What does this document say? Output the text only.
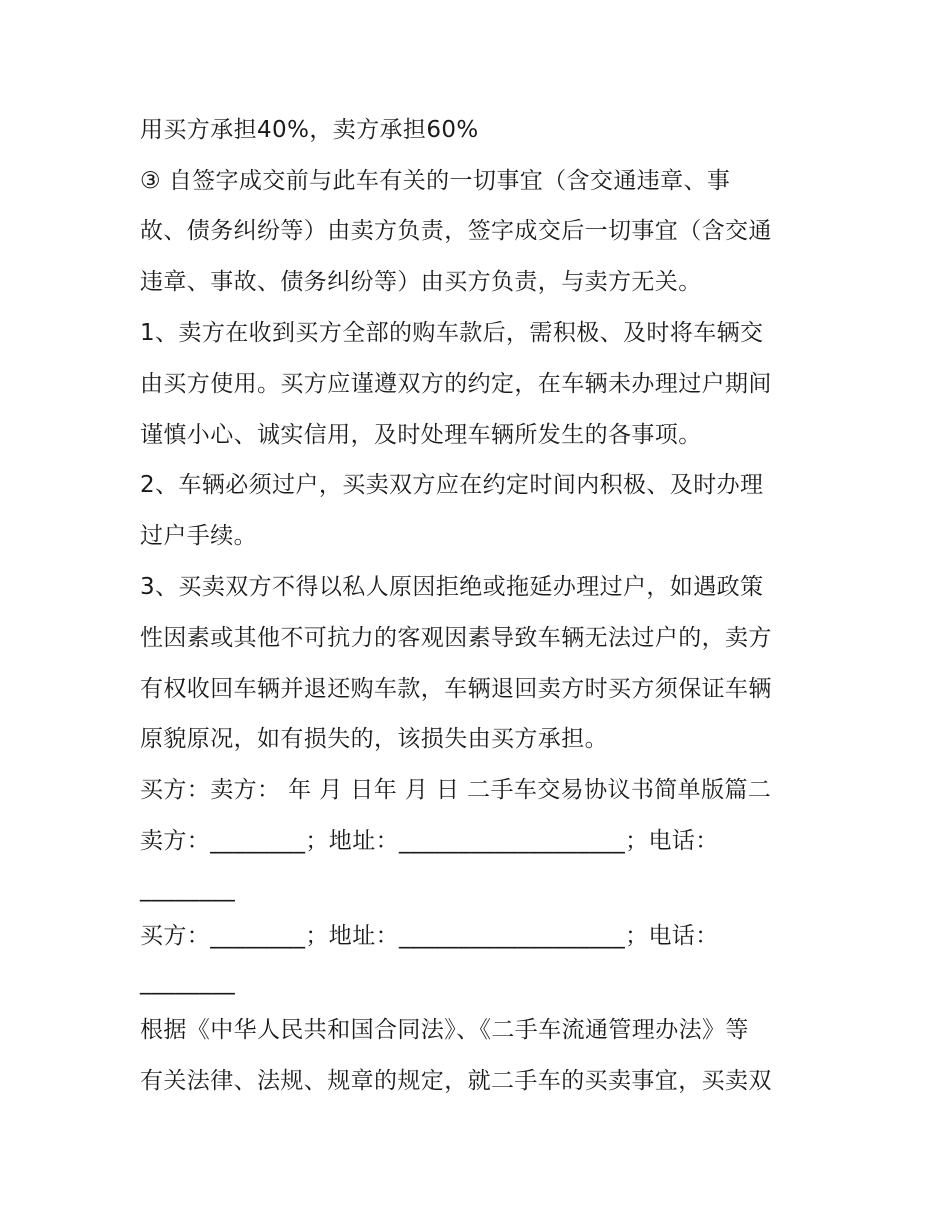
用买方承担40%，卖方承担60%
③ 自签字成交前与此车有关的一切事宜（含交通违章、事
故、债务纠纷等）由卖方负责，签字成交后一切事宜（含交通
违章、事故、债务纠纷等）由买方负责，与卖方无关。
1、卖方在收到买方全部的购车款后，需积极、及时将车辆交
由买方使用。买方应谨遵双方的约定，在车辆未办理过户期间
谨慎小心、诚实信用，及时处理车辆所发生的各事项。
2、车辆必须过户，买卖双方应在约定时间内积极、及时办理
过户手续。
3、买卖双方不得以私人原因拒绝或拖延办理过户，如遇政策
性因素或其他不可抗力的客观因素导致车辆无法过户的，卖方
有权收回车辆并退还购车款，车辆退回卖方时买方须保证车辆
原貌原况，如有损失的，该损失由买方承担。
买方：卖方： 年 月 日年 月 日 二手车交易协议书简单版篇二
卖方：________；地址：___________________；电话：
________
买方：________；地址：___________________；电话：
________
根据《中华人民共和国合同法》、《二手车流通管理办法》等
有关法律、法规、规章的规定，就二手车的买卖事宜，买卖双
